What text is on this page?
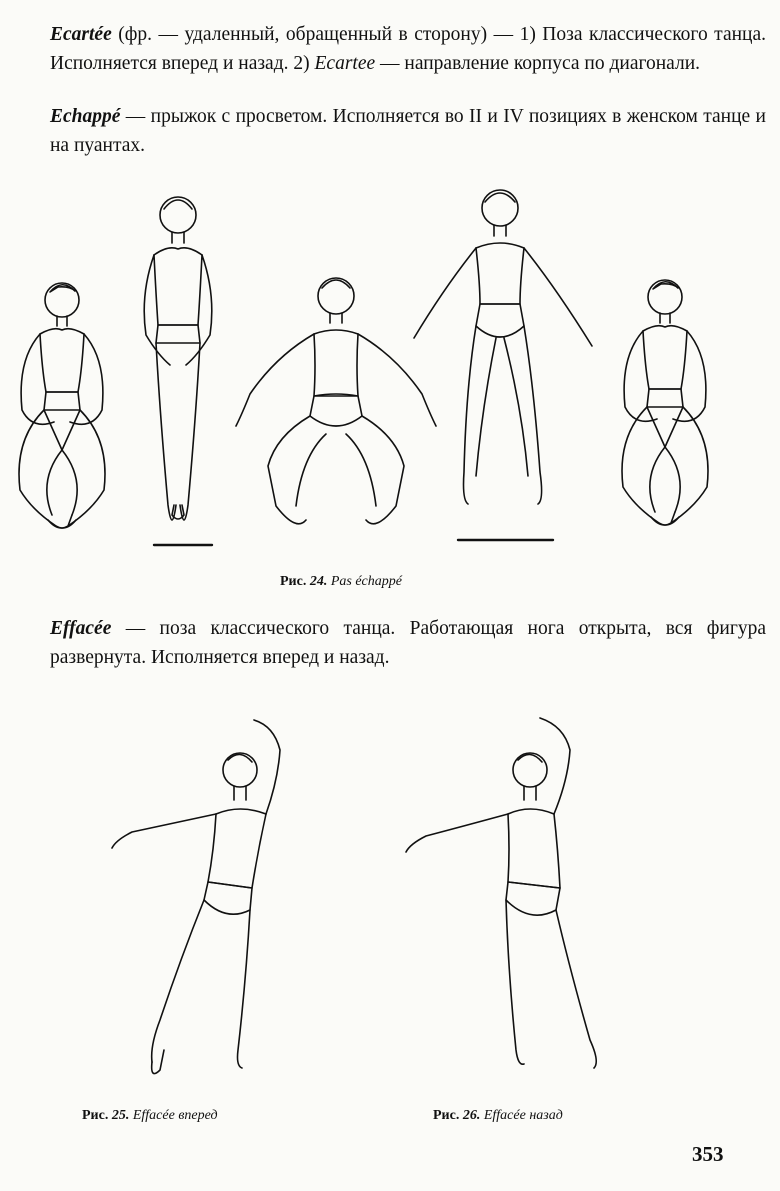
Ecartée (фр. — удаленный, обращенный в сторону) — 1) Поза классического танца. Исполняется вперед и назад. 2) Ecartee — направление корпуса по диагонали.

Echappé — прыжок с просветом. Исполняется во II и IV позициях в женском танце и на пуантах.

Рис. 24. Pas échappé

Effacée — поза классического танца. Работающая нога открыта, вся фигура развернута. Исполняется вперед и назад.

Рис. 25. Effacée вперед	Рис. 26. Effacée назад
353
